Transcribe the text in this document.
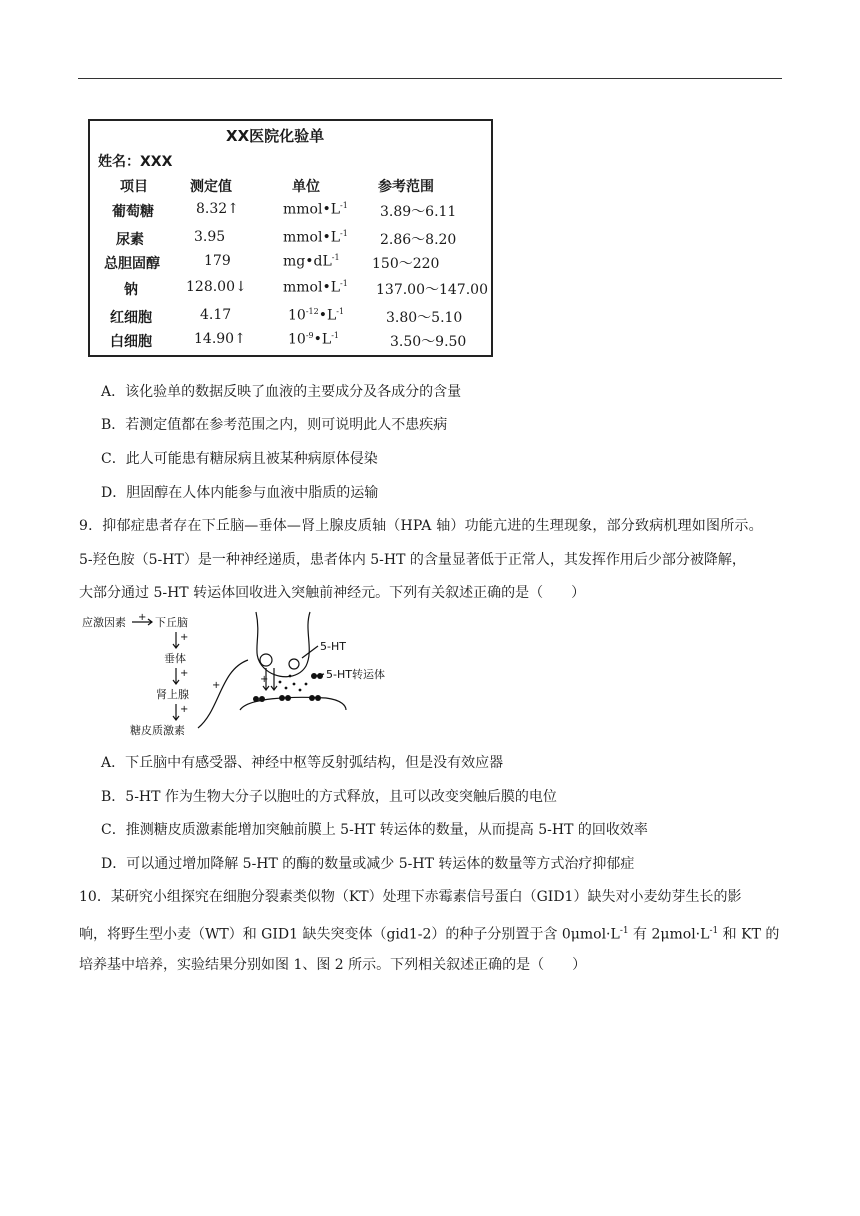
XX医院化验单
姓名：XXX
项目	测定值	单位	参考范围
葡萄糖	8.32↑	$mmol•L^{-1}$ 3.89～6.11
尿素	3.95	$mmol•L^{-1}$ 2.86～8.20
总胆固醇	179	$mg•dL^{-1}$ 150～220
钠	128.00↓	$mmol•L^{-1}$ 137.00～147.00
红细胞	4.17	$10^{-12}•L^{-1}$	3.80～5.10
白细胞	14.90↑	$10^{-9}•L^{-1}$	3.50～9.50
A．该化验单的数据反映了血液的主要成分及各成分的含量
B．若测定值都在参考范围之内，则可说明此人不患疾病
C．此人可能患有糖尿病且被某种病原体侵染
D．胆固醇在人体内能参与血液中脂质的运输
9．抑郁症患者存在下丘脑—垂体—肾上腺皮质轴（HPA 轴）功能亢进的生理现象，部分致病机理如图所示。
5-羟色胺（5-HT）是一种神经递质，患者体内 5-HT 的含量显著低于正常人，其发挥作用后少部分被降解，
大部分通过 5-HT 转运体回收进入突触前神经元。下列有关叙述正确的是（　　）
应激因素 + 下丘脑
垂体
肾上腺
糖皮质激素
+
+
+
+
+
5-HT
5-HT转运体
A．下丘脑中有感受器、神经中枢等反射弧结构，但是没有效应器
B．5-HT 作为生物大分子以胞吐的方式释放，且可以改变突触后膜的电位
C．推测糖皮质激素能增加突触前膜上 5-HT 转运体的数量，从而提高 5-HT 的回收效率
D．可以通过增加降解 5-HT 的酶的数量或减少 5-HT 转运体的数量等方式治疗抑郁症
10．某研究小组探究在细胞分裂素类似物（KT）处理下赤霉素信号蛋白（GID1）缺失对小麦幼芽生长的影
响，将野生型小麦（WT）和 GID1 缺失突变体（gid1-2）的种子分别置于含 $0\mu mol\cdot L^{-1}$ 有 $2\mu mol\cdot L^{-1}$ 和 KT 的
培养基中培养，实验结果分别如图 1、图 2 所示。下列相关叙述正确的是（　　）
